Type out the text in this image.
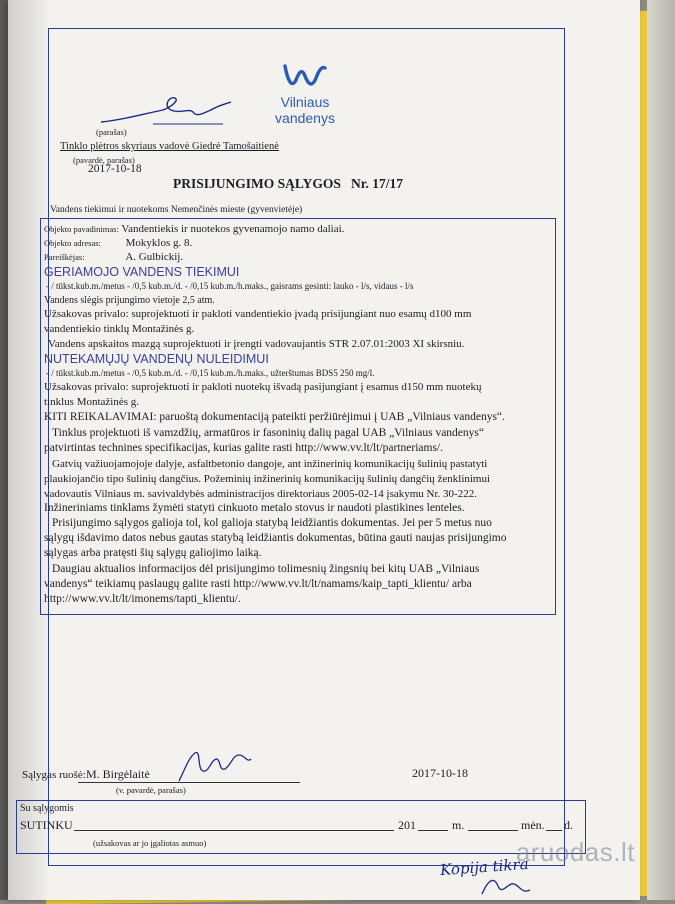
Vilniaus vandenys
(parašas)
Tinklo plėtros skyriaus vadovė Giedrė Tamošaitienė
(pavardė, parašas)
2017-10-18
PRISIJUNGIMO SĄLYGOS Nr. 17/17
Vandens tiekimui ir nuotekoms Nemenčinės mieste (gyvenvietėje)
Objekto pavadinimas: Vandentiekis ir nuotekos gyvenamojo namo daliai.
Objekto adresas: Mokyklos g. 8.
Pareiškėjas:	A. Gulbickij.
GERIAMOJO VANDENS TIEKIMUI
- / tūkst.kub.m./metus - /0,5 kub.m./d. - /0,15 kub.m./h.maks., gaisrams gesinti: lauko - l/s, vidaus - l/s
Vandens slėgis prijungimo vietoje 2,5 atm.
Užsakovas privalo: suprojektuoti ir pakloti vandentiekio įvadą prisijungiant nuo esamų d100 mm
vandentiekio tinklų Montažinės g.
Vandens apskaitos mazgą suprojektuoti ir įrengti vadovaujantis STR 2.07.01:2003 XI skirsniu.
NUTEKAMŲJŲ VANDENŲ NULEIDIMUI
- / tūkst.kub.m./metus - /0,5 kub.m./d. - /0,15 kub.m./h.maks., užterštumas BDS5 250 mg/l.
Užsakovas privalo: suprojektuoti ir pakloti nuotekų išvadą pasijungiant į esamus d150 mm nuotekų
tinklus Montažinės g.
KITI REIKALAVIMAI: paruoštą dokumentaciją pateikti peržiūrėjimui į UAB „Vilniaus vandenys“.
Tinklus projektuoti iš vamzdžių, armatūros ir fasoninių dalių pagal UAB „Vilniaus vandenys“
patvirtintas technines specifikacijas, kurias galite rasti http://www.vv.lt/lt/partneriams/.
Gatvių važiuojamojoje dalyje, asfaltbetonio dangoje, ant inžinerinių komunikacijų šulinių pastatyti
plaukiojančio tipo šulinių dangčius. Požeminių inžinerinių komunikacijų šulinių dangčių ženklinimui
vadovautis Vilniaus m. savivaldybės administracijos direktoriaus 2005-02-14 įsakymu Nr. 30-222.
Inžineriniams tinklams žymėti statyti cinkuoto metalo stovus ir naudoti plastikines lenteles.
Prisijungimo sąlygos galioja tol, kol galioja statybą leidžiantis dokumentas. Jei per 5 metus nuo
sąlygų išdavimo datos nebus gautas statybą leidžiantis dokumentas, būtina gauti naujas prisijungimo
sąlygas arba pratęsti šių sąlygų galiojimo laiką.
Daugiau aktualios informacijos dėl prisijungimo tolimesnių žingsnių bei kitų UAB „Vilniaus
vandenys“ teikiamų paslaugų galite rasti http://www.vv.lt/lt/namams/kaip_tapti_klientu/ arba
http://www.vv.lt/lt/imonems/tapti_klientu/.
Sąlygas ruošė: M. Birgėlaitė
(v. pavardė, parašas)
2017-10-18
Su sąlygomis
SUTINKU	201	m.	mėn. d.
(užsakovas ar jo įgaliotas asmuo)
Kopija tikra
aruodas.lt
